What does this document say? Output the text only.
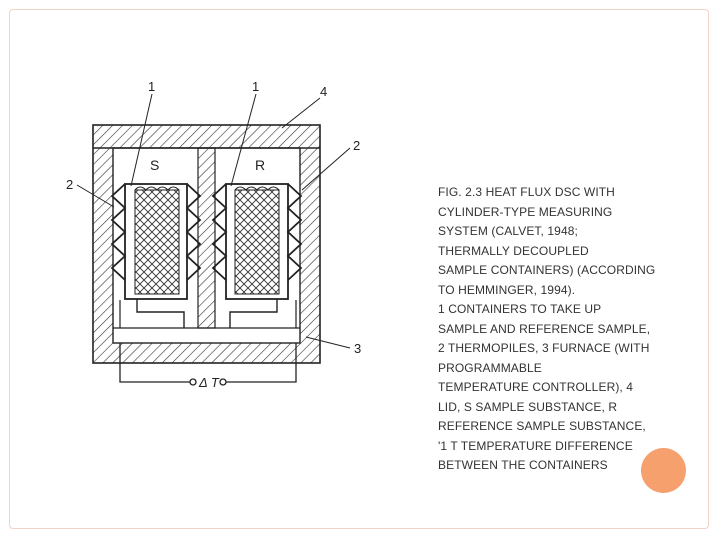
1	1	4
2
2
3
S	R
Δ T
FIG. 2.3 HEAT FLUX DSC WITH
CYLINDER-TYPE MEASURING
SYSTEM (CALVET, 1948;
THERMALLY DECOUPLED
SAMPLE CONTAINERS) (ACCORDING
TO HEMMINGER, 1994).
1 CONTAINERS TO TAKE UP
SAMPLE AND REFERENCE SAMPLE,
2 THERMOPILES, 3 FURNACE (WITH
PROGRAMMABLE
TEMPERATURE CONTROLLER), 4
LID, S SAMPLE SUBSTANCE, R
REFERENCE SAMPLE SUBSTANCE,
'1 T TEMPERATURE DIFFERENCE
BETWEEN THE CONTAINERS
